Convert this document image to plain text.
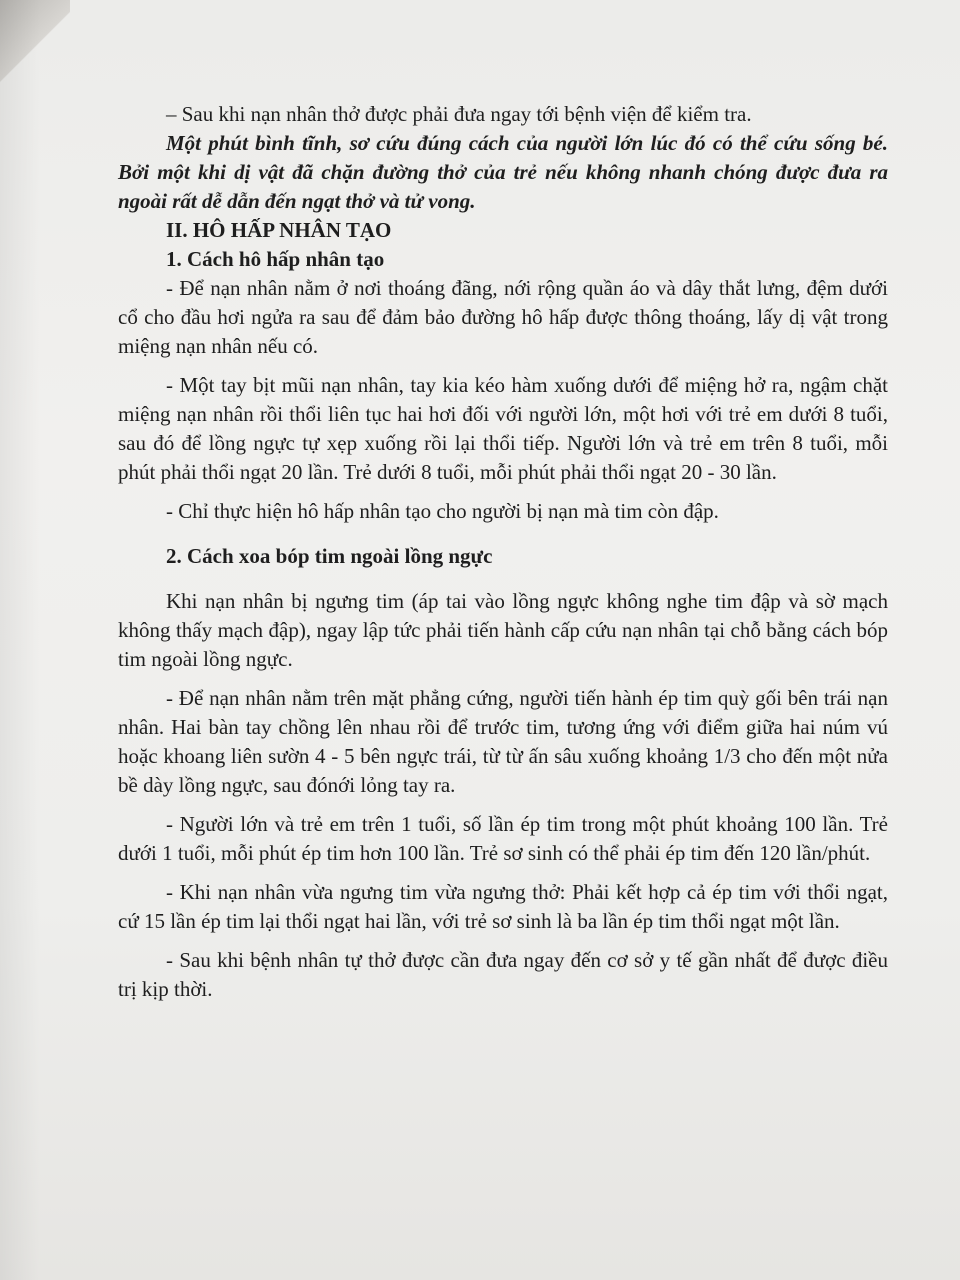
– Sau khi nạn nhân thở được phải đưa ngay tới bệnh viện để kiểm tra.

Một phút bình tĩnh, sơ cứu đúng cách của người lớn lúc đó có thể cứu sống bé. Bởi một khi dị vật đã chặn đường thở của trẻ nếu không nhanh chóng được đưa ra ngoài rất dễ dẫn đến ngạt thở và tử vong.

II. HÔ HẤP NHÂN TẠO

1. Cách hô hấp nhân tạo

- Để nạn nhân nằm ở nơi thoáng đãng, nới rộng quần áo và dây thắt lưng, đệm dưới cổ cho đầu hơi ngửa ra sau để đảm bảo đường hô hấp được thông thoáng, lấy dị vật trong miệng nạn nhân nếu có.

- Một tay bịt mũi nạn nhân, tay kia kéo hàm xuống dưới để miệng hở ra, ngậm chặt miệng nạn nhân rồi thổi liên tục hai hơi đối với người lớn, một hơi với trẻ em dưới 8 tuổi, sau đó để lồng ngực tự xẹp xuống rồi lại thổi tiếp. Người lớn và trẻ em trên 8 tuổi, mỗi phút phải thổi ngạt 20 lần. Trẻ dưới 8 tuổi, mỗi phút phải thổi ngạt 20 - 30 lần.

- Chỉ thực hiện hô hấp nhân tạo cho người bị nạn mà tim còn đập.

2. Cách xoa bóp tim ngoài lồng ngực

Khi nạn nhân bị ngưng tim (áp tai vào lồng ngực không nghe tim đập và sờ mạch không thấy mạch đập), ngay lập tức phải tiến hành cấp cứu nạn nhân tại chỗ bằng cách bóp tim ngoài lồng ngực.

- Để nạn nhân nằm trên mặt phẳng cứng, người tiến hành ép tim quỳ gối bên trái nạn nhân. Hai bàn tay chồng lên nhau rồi để trước tim, tương ứng với điểm giữa hai núm vú hoặc khoang liên sườn 4 - 5 bên ngực trái, từ từ ấn sâu xuống khoảng 1/3 cho đến một nửa bề dày lồng ngực, sau đónới lỏng tay ra.

- Người lớn và trẻ em trên 1 tuổi, số lần ép tim trong một phút khoảng 100 lần. Trẻ dưới 1 tuổi, mỗi phút ép tim hơn 100 lần. Trẻ sơ sinh có thể phải ép tim đến 120 lần/phút.

- Khi nạn nhân vừa ngưng tim vừa ngưng thở: Phải kết hợp cả ép tim với thổi ngạt, cứ 15 lần ép tim lại thổi ngạt hai lần, với trẻ sơ sinh là ba lần ép tim thổi ngạt một lần.

- Sau khi bệnh nhân tự thở được cần đưa ngay đến cơ sở y tế gần nhất để được điều trị kịp thời.
